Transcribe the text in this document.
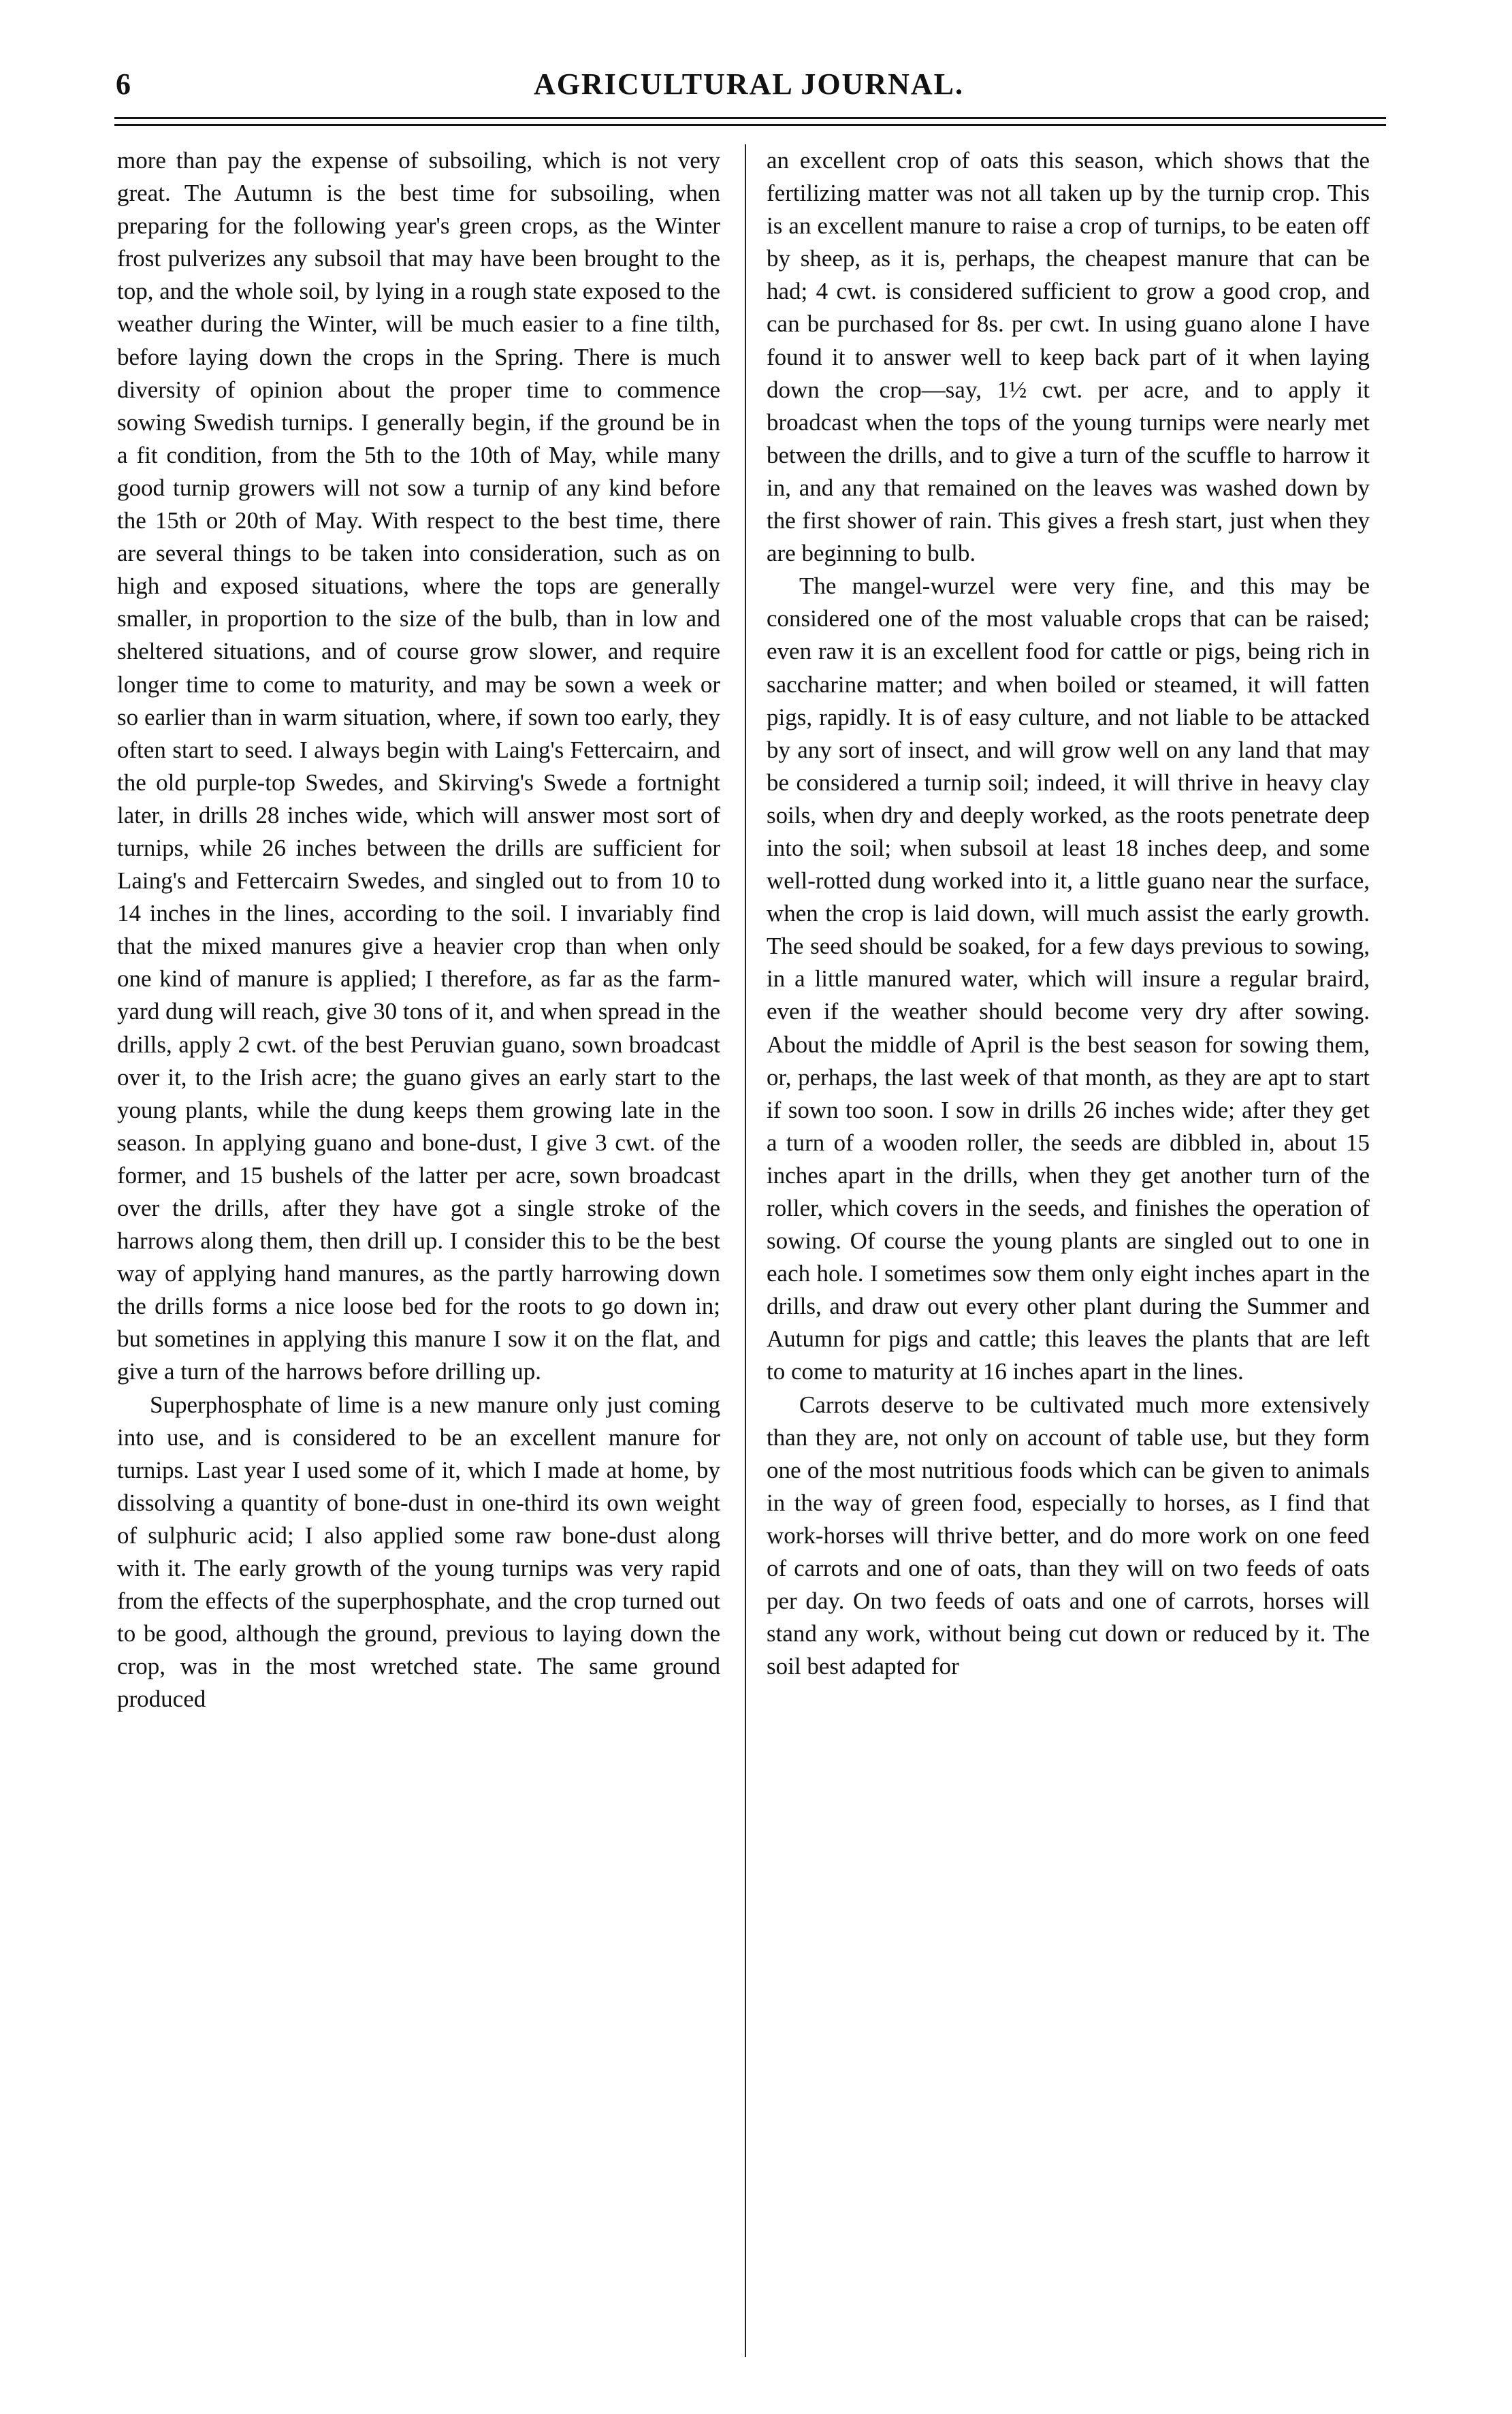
6	AGRICULTURAL JOURNAL.

more than pay the expense of subsoiling, which is not very great. The Autumn is the best time for subsoiling, when preparing for the following year's green crops, as the Winter frost pulverizes any subsoil that may have been brought to the top, and the whole soil, by lying in a rough state exposed to the weather during the Winter, will be much easier to a fine tilth, before laying down the crops in the Spring. There is much diversity of opinion about the proper time to commence sowing Swedish turnips. I generally begin, if the ground be in a fit condition, from the 5th to the 10th of May, while many good turnip growers will not sow a turnip of any kind before the 15th or 20th of May. With respect to the best time, there are several things to be taken into consideration, such as on high and exposed situations, where the tops are generally smaller, in proportion to the size of the bulb, than in low and sheltered situations, and of course grow slower, and require longer time to come to maturity, and may be sown a week or so earlier than in warm situation, where, if sown too early, they often start to seed. I always begin with Laing's Fettercairn, and the old purple-top Swedes, and Skirving's Swede a fortnight later, in drills 28 inches wide, which will answer most sort of turnips, while 26 inches between the drills are sufficient for Laing's and Fettercairn Swedes, and singled out to from 10 to 14 inches in the lines, according to the soil. I invariably find that the mixed manures give a heavier crop than when only one kind of manure is applied; I therefore, as far as the farm-yard dung will reach, give 30 tons of it, and when spread in the drills, apply 2 cwt. of the best Peruvian guano, sown broadcast over it, to the Irish acre; the guano gives an early start to the young plants, while the dung keeps them growing late in the season. In applying guano and bone-dust, I give 3 cwt. of the former, and 15 bushels of the latter per acre, sown broadcast over the drills, after they have got a single stroke of the harrows along them, then drill up. I consider this to be the best way of applying hand manures, as the partly harrowing down the drills forms a nice loose bed for the roots to go down in; but sometines in applying this manure I sow it on the flat, and give a turn of the harrows before drilling up.

Superphosphate of lime is a new manure only just coming into use, and is considered to be an excellent manure for turnips. Last year I used some of it, which I made at home, by dissolving a quantity of bone-dust in one-third its own weight of sulphuric acid; I also applied some raw bone-dust along with it. The early growth of the young turnips was very rapid from the effects of the superphosphate, and the crop turned out to be good, although the ground, previous to laying down the crop, was in the most wretched state. The same ground produced

an excellent crop of oats this season, which shows that the fertilizing matter was not all taken up by the turnip crop. This is an excellent manure to raise a crop of turnips, to be eaten off by sheep, as it is, perhaps, the cheapest manure that can be had; 4 cwt. is considered sufficient to grow a good crop, and can be purchased for 8s. per cwt. In using guano alone I have found it to answer well to keep back part of it when laying down the crop—say, 1½ cwt. per acre, and to apply it broadcast when the tops of the young turnips were nearly met between the drills, and to give a turn of the scuffle to harrow it in, and any that remained on the leaves was washed down by the first shower of rain. This gives a fresh start, just when they are beginning to bulb.

The mangel-wurzel were very fine, and this may be considered one of the most valuable crops that can be raised; even raw it is an excellent food for cattle or pigs, being rich in saccharine matter; and when boiled or steamed, it will fatten pigs, rapidly. It is of easy culture, and not liable to be attacked by any sort of insect, and will grow well on any land that may be considered a turnip soil; indeed, it will thrive in heavy clay soils, when dry and deeply worked, as the roots penetrate deep into the soil; when subsoil at least 18 inches deep, and some well-rotted dung worked into it, a little guano near the surface, when the crop is laid down, will much assist the early growth. The seed should be soaked, for a few days previous to sowing, in a little manured water, which will insure a regular braird, even if the weather should become very dry after sowing. About the middle of April is the best season for sowing them, or, perhaps, the last week of that month, as they are apt to start if sown too soon. I sow in drills 26 inches wide; after they get a turn of a wooden roller, the seeds are dibbled in, about 15 inches apart in the drills, when they get another turn of the roller, which covers in the seeds, and finishes the operation of sowing. Of course the young plants are singled out to one in each hole. I sometimes sow them only eight inches apart in the drills, and draw out every other plant during the Summer and Autumn for pigs and cattle; this leaves the plants that are left to come to maturity at 16 inches apart in the lines.

Carrots deserve to be cultivated much more extensively than they are, not only on account of table use, but they form one of the most nutritious foods which can be given to animals in the way of green food, especially to horses, as I find that work-horses will thrive better, and do more work on one feed of carrots and one of oats, than they will on two feeds of oats per day. On two feeds of oats and one of carrots, horses will stand any work, without being cut down or reduced by it. The soil best adapted for
